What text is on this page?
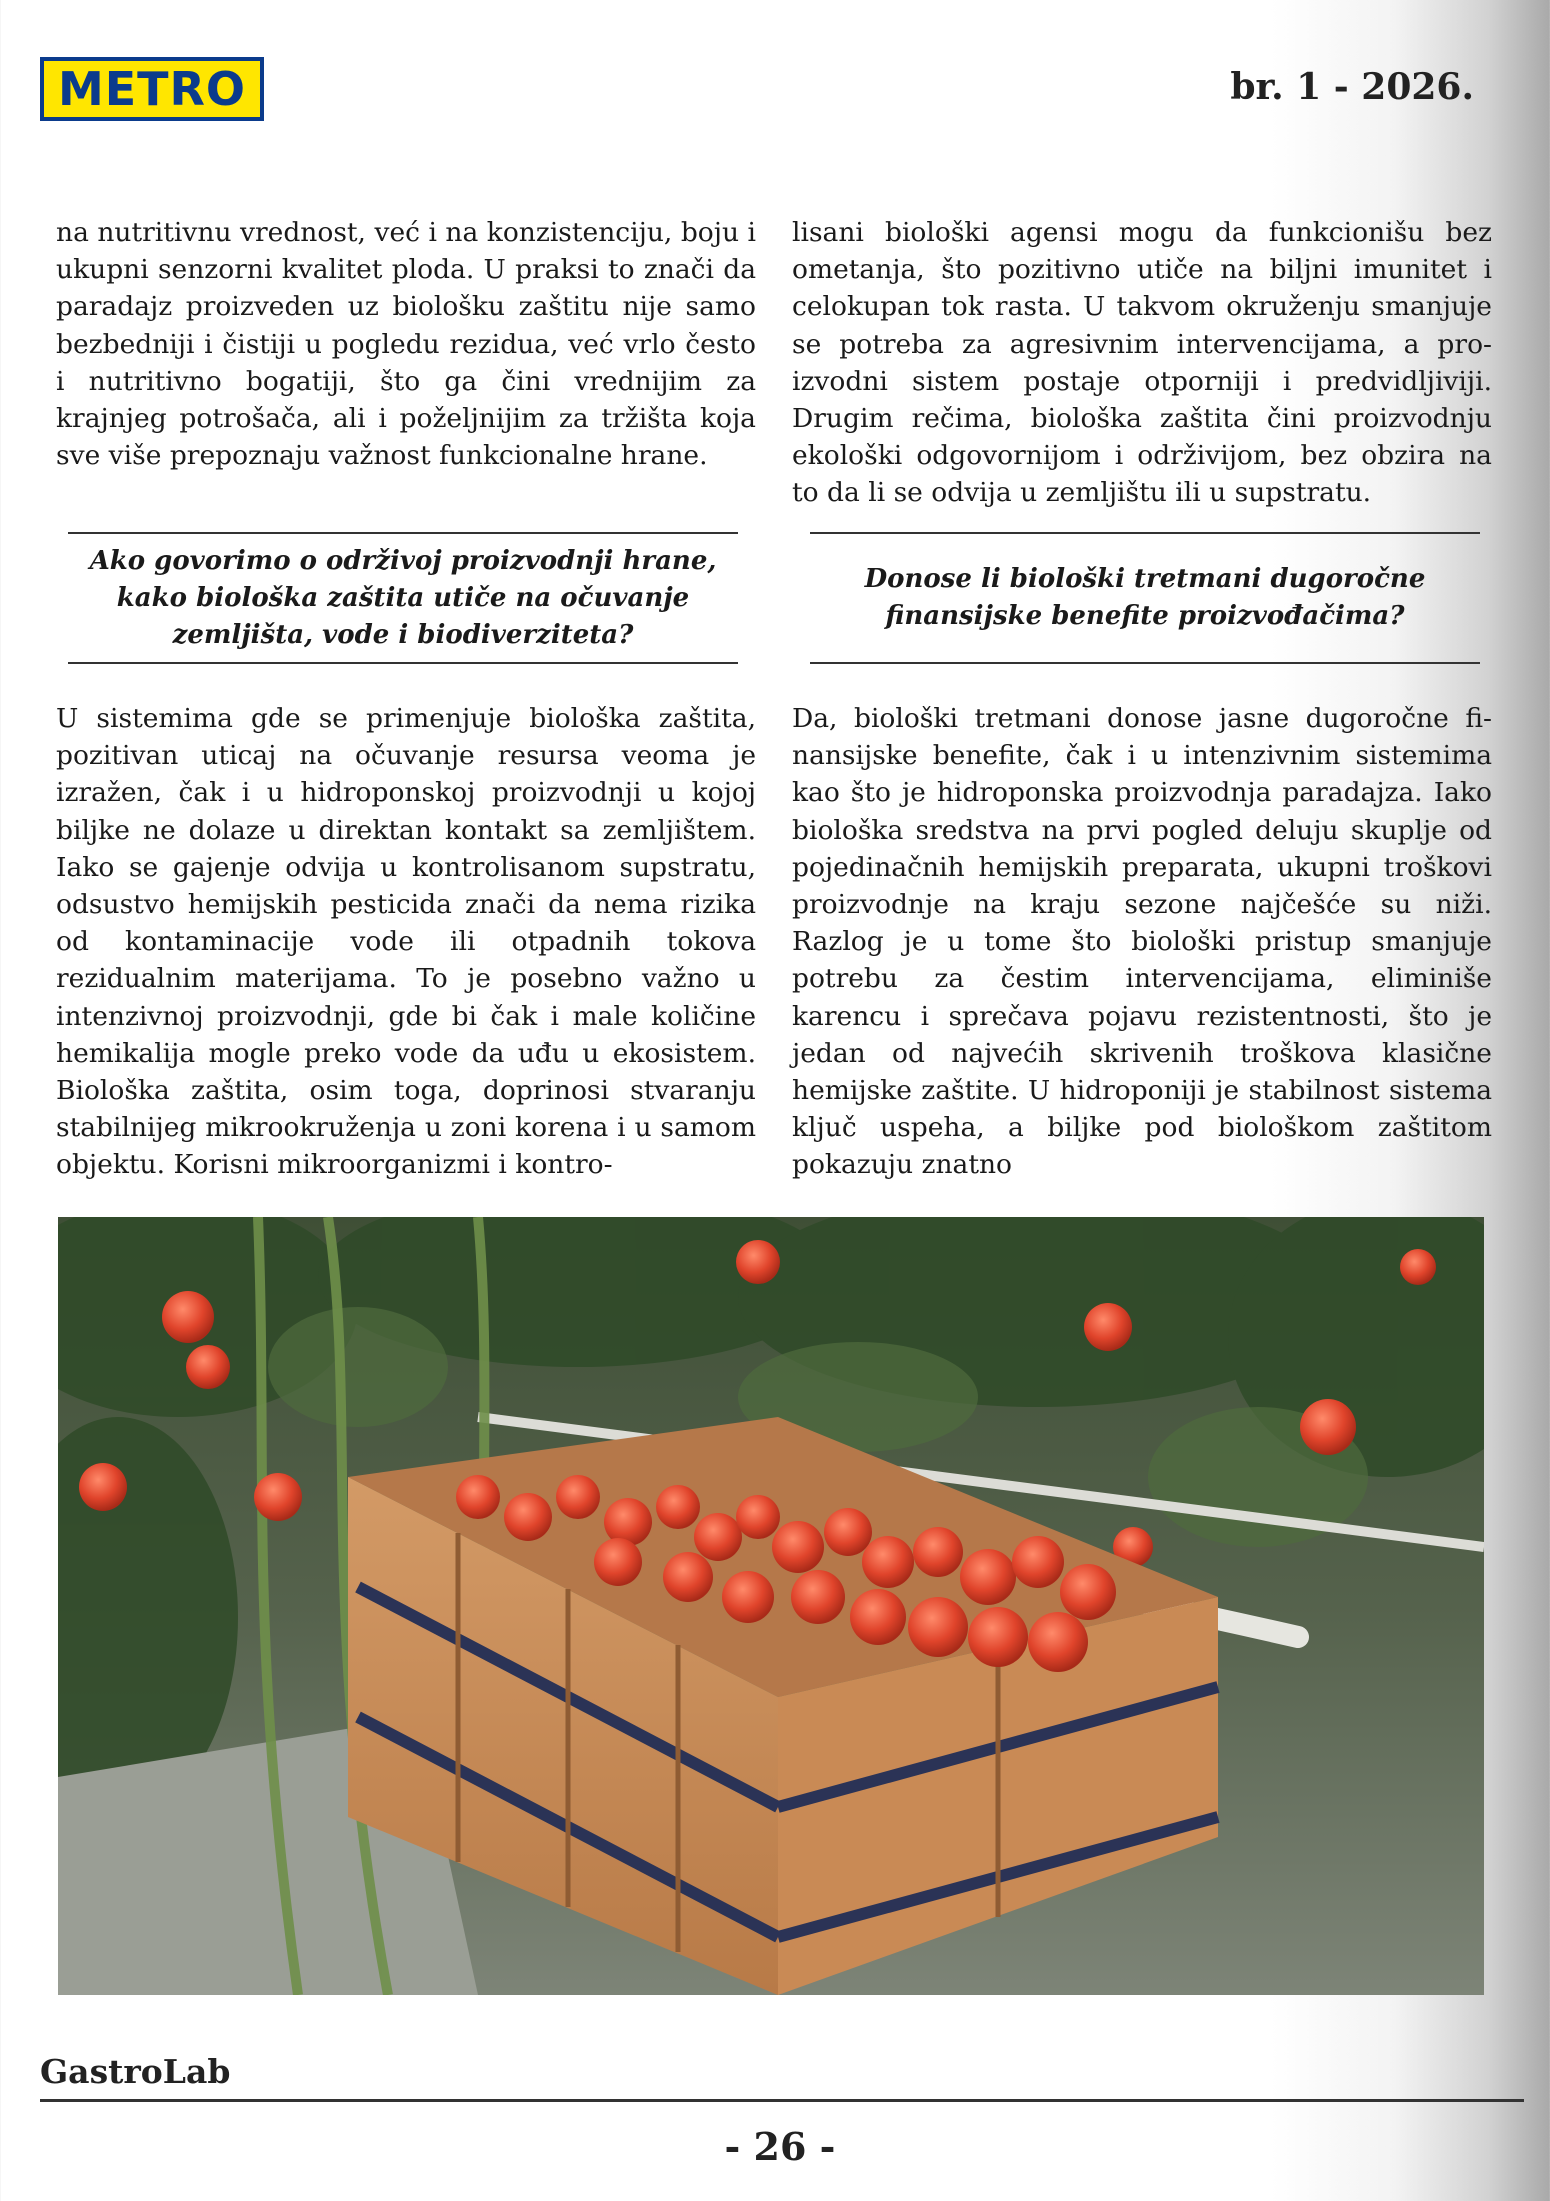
METRO	br. 1 - 2026.

na nutritivnu vrednost, već i na konzistenciju, boju i ukupni senzorni kvalitet ploda. U praksi to znači da paradajz proizveden uz biološku zaštitu nije samo bezbedniji i čistiji u pogledu rezidua, već vrlo često i nutritivno bogatiji, što ga čini vrednijim za krajnjeg potrošača, ali i poželjnijim za tržišta koja sve više prepoznaju važnost funkcionalne hrane.

Ako govorimo o održivoj proizvodnji hrane, kako biološka zaštita utiče na očuvanje zemljišta, vode i biodiverziteta?

U sistemima gde se primenjuje biološka zaštita, pozitivan uticaj na očuvanje resursa veoma je izražen, čak i u hidroponskoj proizvodnji u kojoj biljke ne dolaze u direktan kontakt sa zemljištem. Iako se gajenje odvija u kontrolisanom supstratu, odsustvo hemijskih pesticida znači da nema rizika od kontaminacije vode ili otpadnih tokova rezidualnim materijama. To je posebno važno u intenzivnoj proizvodnji, gde bi čak i male količine hemikalija mogle preko vode da uđu u ekosistem. Biološka zaštita, osim toga, doprinosi stvaranju stabilnijeg mikrookruženja u zoni korena i u samom objektu. Korisni mikroorganizmi i kontro-

lisani biološki agensi mogu da funkcionišu bez ometanja, što pozitivno utiče na biljni imunitet i celokupan tok rasta. U takvom okruženju smanjuje se potreba za agresivnim intervencijama, a proizvodni sistem postaje otporniji i predvidljiviji. Drugim rečima, biološka zaštita čini proizvodnju ekološki odgovornijom i održivijom, bez obzira na to da li se odvija u zemljištu ili u supstratu.

Donose li biološki tretmani dugoročne finansijske benefite proizvođačima?

Da, biološki tretmani donose jasne dugoročne finansijske benefite, čak i u intenzivnim sistemima kao što je hidroponska proizvodnja paradajza. Iako biološka sredstva na prvi pogled deluju skuplje od pojedinačnih hemijskih preparata, ukupni troškovi proizvodnje na kraju sezone najčešće su niži. Razlog je u tome što biološki pristup smanjuje potrebu za čestim intervencijama, eliminiše karencu i sprečava pojavu rezistentnosti, što je jedan od najvećih skrivenih troškova klasične hemijske zaštite. U hidroponiji je stabilnost sistema ključ uspeha, a biljke pod biološkom zaštitom pokazuju znatno

GastroLab
- 26 -
